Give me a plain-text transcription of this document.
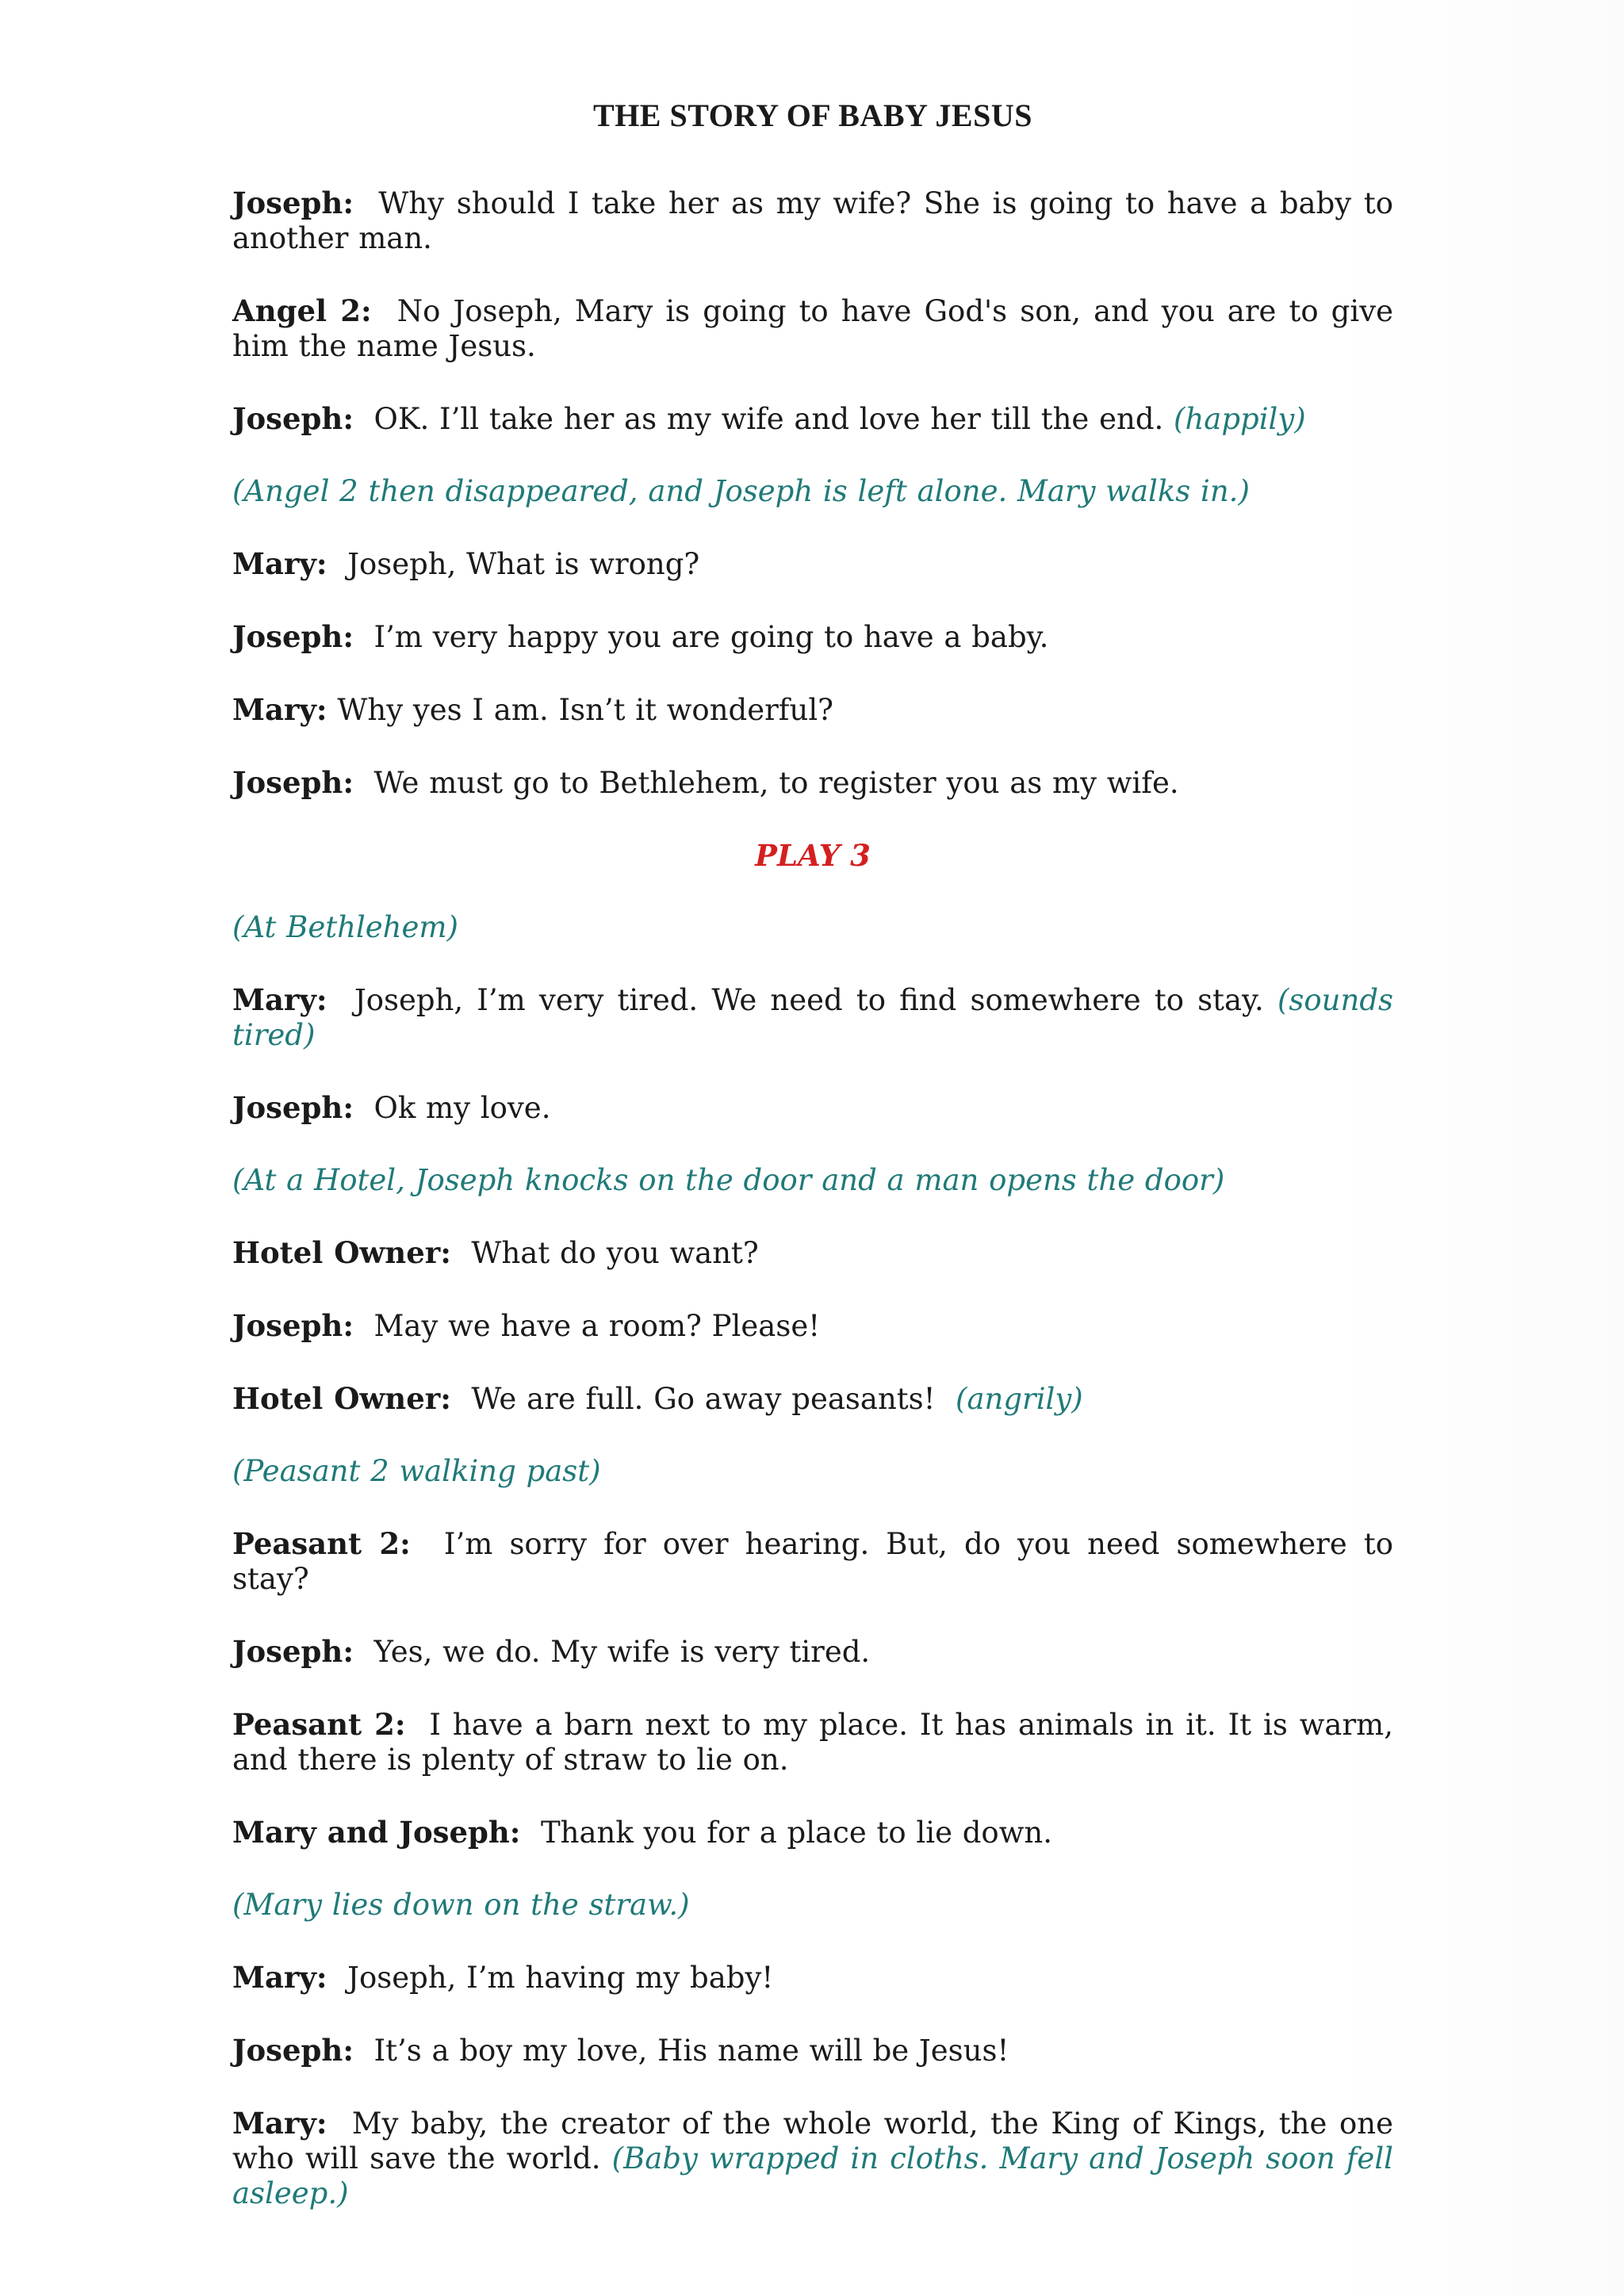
THE STORY OF BABY JESUS
Joseph: Why should I take her as my wife? She is going to have a baby to another man.
Angel 2: No Joseph, Mary is going to have God's son, and you are to give him the name Jesus.
Joseph: OK. I’ll take her as my wife and love her till the end. (happily)
(Angel 2 then disappeared, and Joseph is left alone. Mary walks in.)
Mary: Joseph, What is wrong?
Joseph: I’m very happy you are going to have a baby.
Mary: Why yes I am. Isn’t it wonderful?
Joseph: We must go to Bethlehem, to register you as my wife.
PLAY 3
(At Bethlehem)
Mary: Joseph, I’m very tired. We need to find somewhere to stay. (sounds tired)
Joseph: Ok my love.
(At a Hotel, Joseph knocks on the door and a man opens the door)
Hotel Owner: What do you want?
Joseph: May we have a room? Please!
Hotel Owner: We are full. Go away peasants! (angrily)
(Peasant 2 walking past)
Peasant 2: I’m sorry for over hearing. But, do you need somewhere to stay?
Joseph: Yes, we do. My wife is very tired.
Peasant 2: I have a barn next to my place. It has animals in it. It is warm, and there is plenty of straw to lie on.
Mary and Joseph: Thank you for a place to lie down.
(Mary lies down on the straw.)
Mary: Joseph, I’m having my baby!
Joseph: It’s a boy my love, His name will be Jesus!
Mary: My baby, the creator of the whole world, the King of Kings, the one who will save the world. (Baby wrapped in cloths. Mary and Joseph soon fell asleep.)
